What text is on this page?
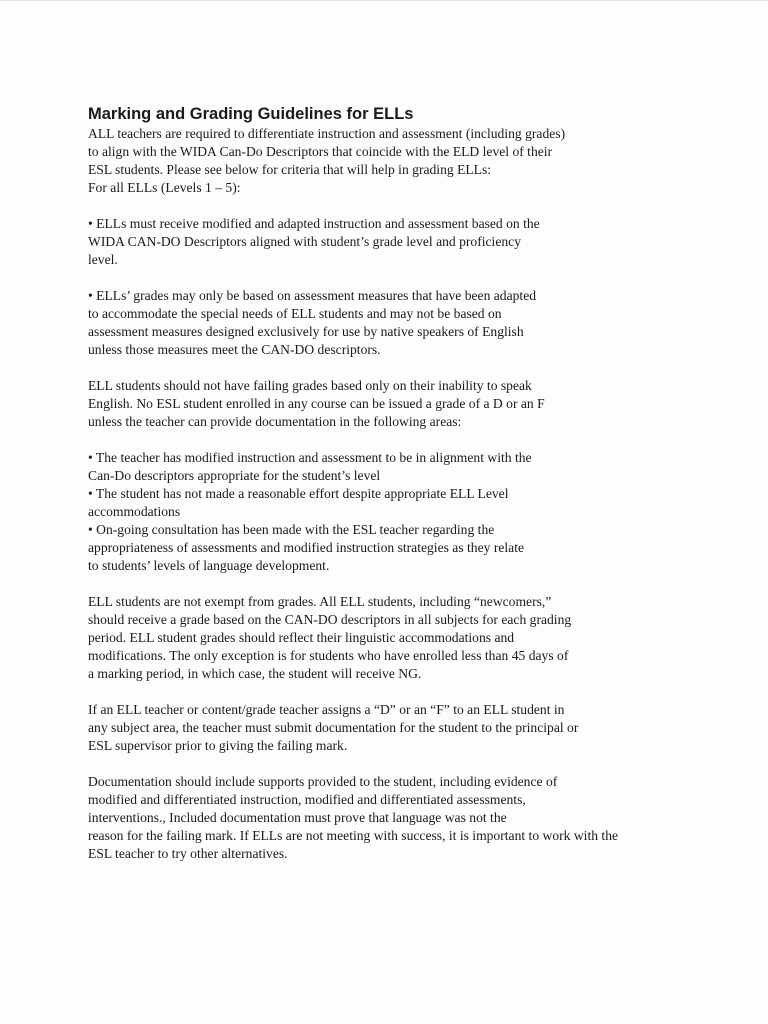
Marking and Grading Guidelines for ELLs
ALL teachers are required to differentiate instruction and assessment (including grades)
to align with the WIDA Can-Do Descriptors that coincide with the ELD level of their
ESL students. Please see below for criteria that will help in grading ELLs:
For all ELLs (Levels 1 – 5):
• ELLs must receive modified and adapted instruction and assessment based on the
WIDA CAN-DO Descriptors aligned with student’s grade level and proficiency
level.
• ELLs’ grades may only be based on assessment measures that have been adapted
to accommodate the special needs of ELL students and may not be based on
assessment measures designed exclusively for use by native speakers of English
unless those measures meet the CAN-DO descriptors.
ELL students should not have failing grades based only on their inability to speak
English. No ESL student enrolled in any course can be issued a grade of a D or an F
unless the teacher can provide documentation in the following areas:
• The teacher has modified instruction and assessment to be in alignment with the
Can-Do descriptors appropriate for the student’s level
• The student has not made a reasonable effort despite appropriate ELL Level
accommodations
• On-going consultation has been made with the ESL teacher regarding the
appropriateness of assessments and modified instruction strategies as they relate
to students’ levels of language development.
ELL students are not exempt from grades. All ELL students, including “newcomers,”
should receive a grade based on the CAN-DO descriptors in all subjects for each grading
period. ELL student grades should reflect their linguistic accommodations and
modifications. The only exception is for students who have enrolled less than 45 days of
a marking period, in which case, the student will receive NG.
If an ELL teacher or content/grade teacher assigns a “D” or an “F” to an ELL student in
any subject area, the teacher must submit documentation for the student to the principal or
ESL supervisor prior to giving the failing mark.
Documentation should include supports provided to the student, including evidence of
modified and differentiated instruction, modified and differentiated assessments,
interventions., Included documentation must prove that language was not the
reason for the failing mark. If ELLs are not meeting with success, it is important to work with the
ESL teacher to try other alternatives.
